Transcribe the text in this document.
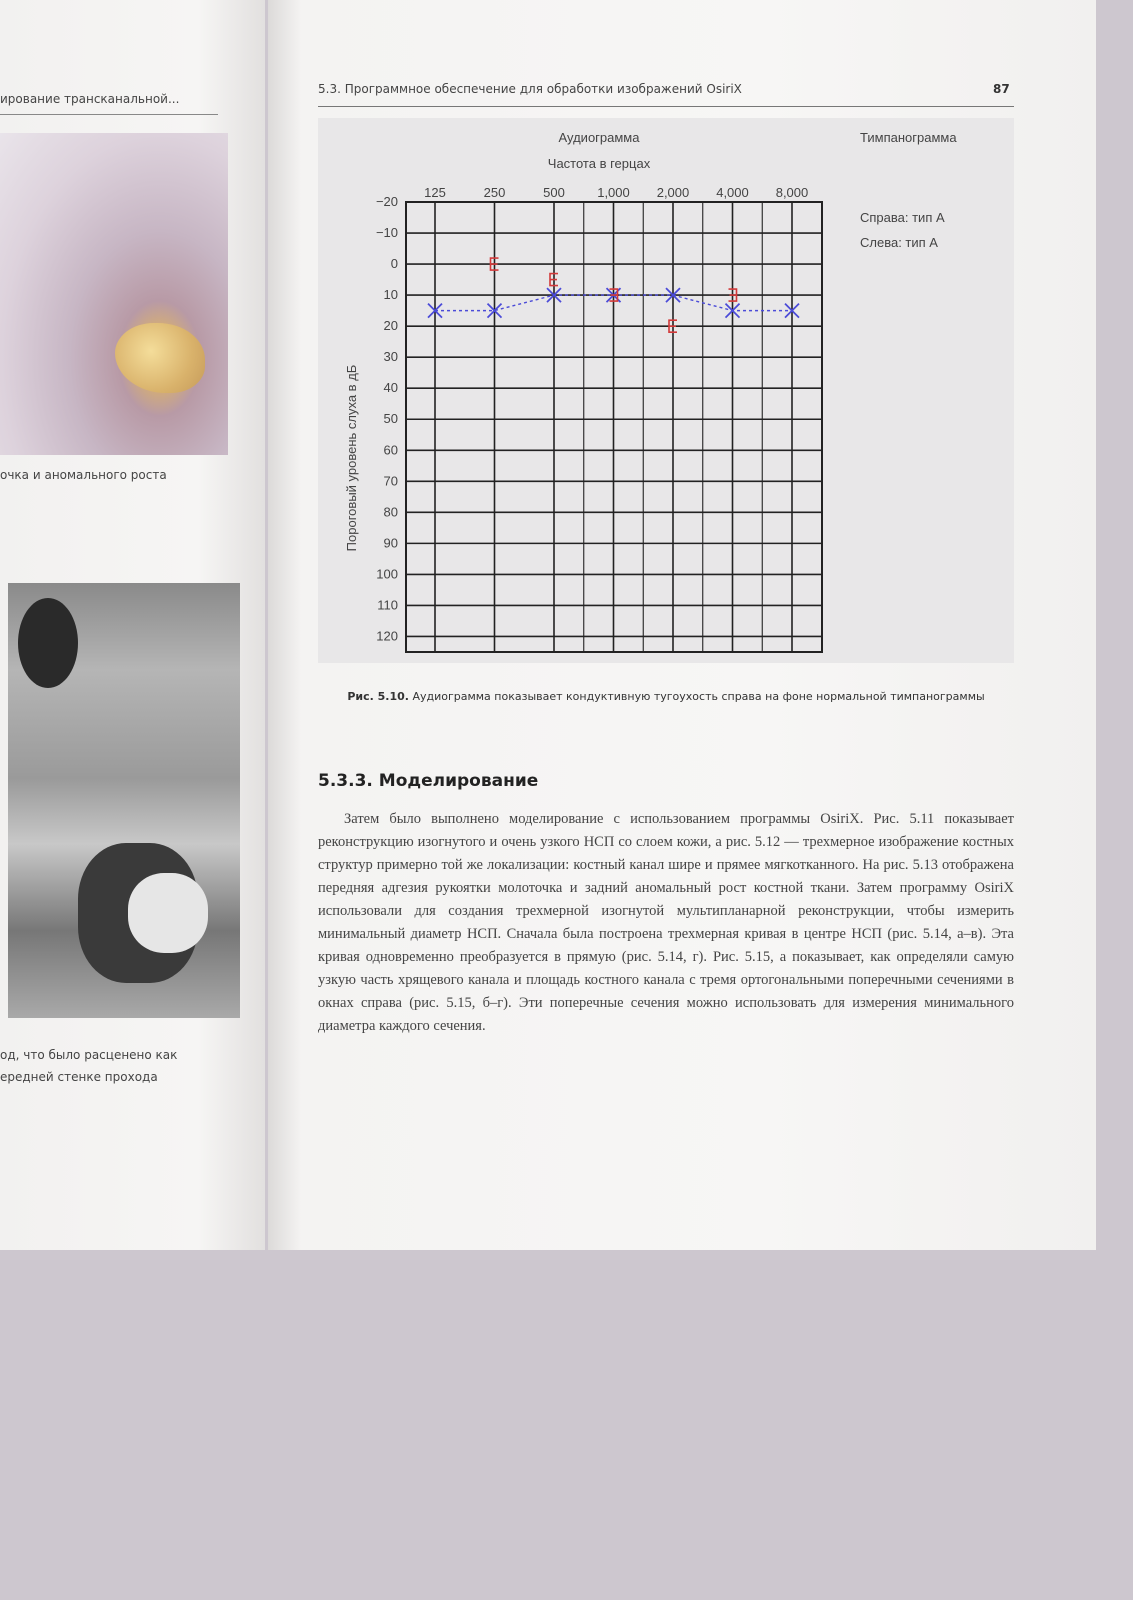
ирование трансканальной...
очка и аномального роста
од, что было расценено как
ередней стенке прохода
5.3. Программное обеспечение для обработки изображений OsiriX	87
Аудиограмма
Частота в герцах
Тимпанограмма
Справа: тип A
Слева: тип A
Пороговый уровень слуха в дБ
125	250	500 1,000 2,000 4,000 8,000
−20
−10
0
10
20
30
40
50
60
70
80
90
100
110
120
Рис. 5.10. Аудиограмма показывает кондуктивную тугоухость справа на фоне нормальной тимпанограммы
5.3.3. Моделирование

Затем было выполнено моделирование с использованием программы OsiriX. Рис. 5.11 показывает реконструкцию изогнутого и очень узкого НСП со слоем кожи, а рис. 5.12 — трехмерное изображение костных структур примерно той же локализации: костный канал шире и прямее мягкотканного. На рис. 5.13 отображена передняя адгезия рукоятки молоточка и задний аномальный рост костной ткани. Затем программу OsiriX использовали для создания трехмерной изогнутой мультипланарной реконструкции, чтобы измерить минимальный диаметр НСП. Сначала была построена трехмерная кривая в центре НСП (рис. 5.14, а–в). Эта кривая одновременно преобразуется в прямую (рис. 5.14, г). Рис. 5.15, а показывает, как определяли самую узкую часть хрящевого канала и площадь костного канала с тремя ортогональными поперечными сечениями в окнах справа (рис. 5.15, б–г). Эти поперечные сечения можно использовать для измерения минимального диаметра каждого сечения.
